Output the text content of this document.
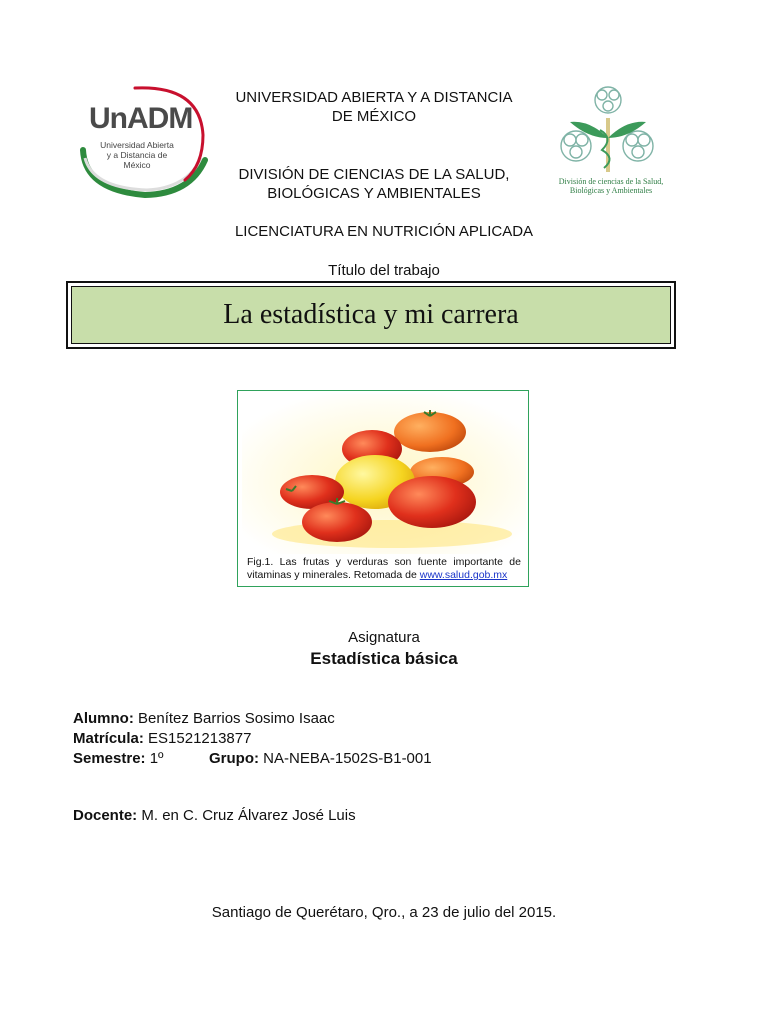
UnADM
Universidad Abierta y a Distancia de México
División de ciencias de la Salud, Biológicas y Ambientales
UNIVERSIDAD ABIERTA Y A DISTANCIA
DE MÉXICO
DIVISIÓN DE CIENCIAS DE LA SALUD,
BIOLÓGICAS Y AMBIENTALES
LICENCIATURA EN NUTRICIÓN APLICADA
Título del trabajo
La estadística y mi carrera
Fig.1. Las frutas y verduras son fuente importante de vitaminas y minerales. Retomada de www.salud.gob.mx
Asignatura
Estadística básica
Alumno: Benítez Barrios Sosimo Isaac
Matrícula: ES1521213877
Semestre: 1º	Grupo: NA-NEBA-1502S-B1-001
Docente: M. en C. Cruz Álvarez José Luis
Santiago de Querétaro, Qro., a 23 de julio del 2015.
